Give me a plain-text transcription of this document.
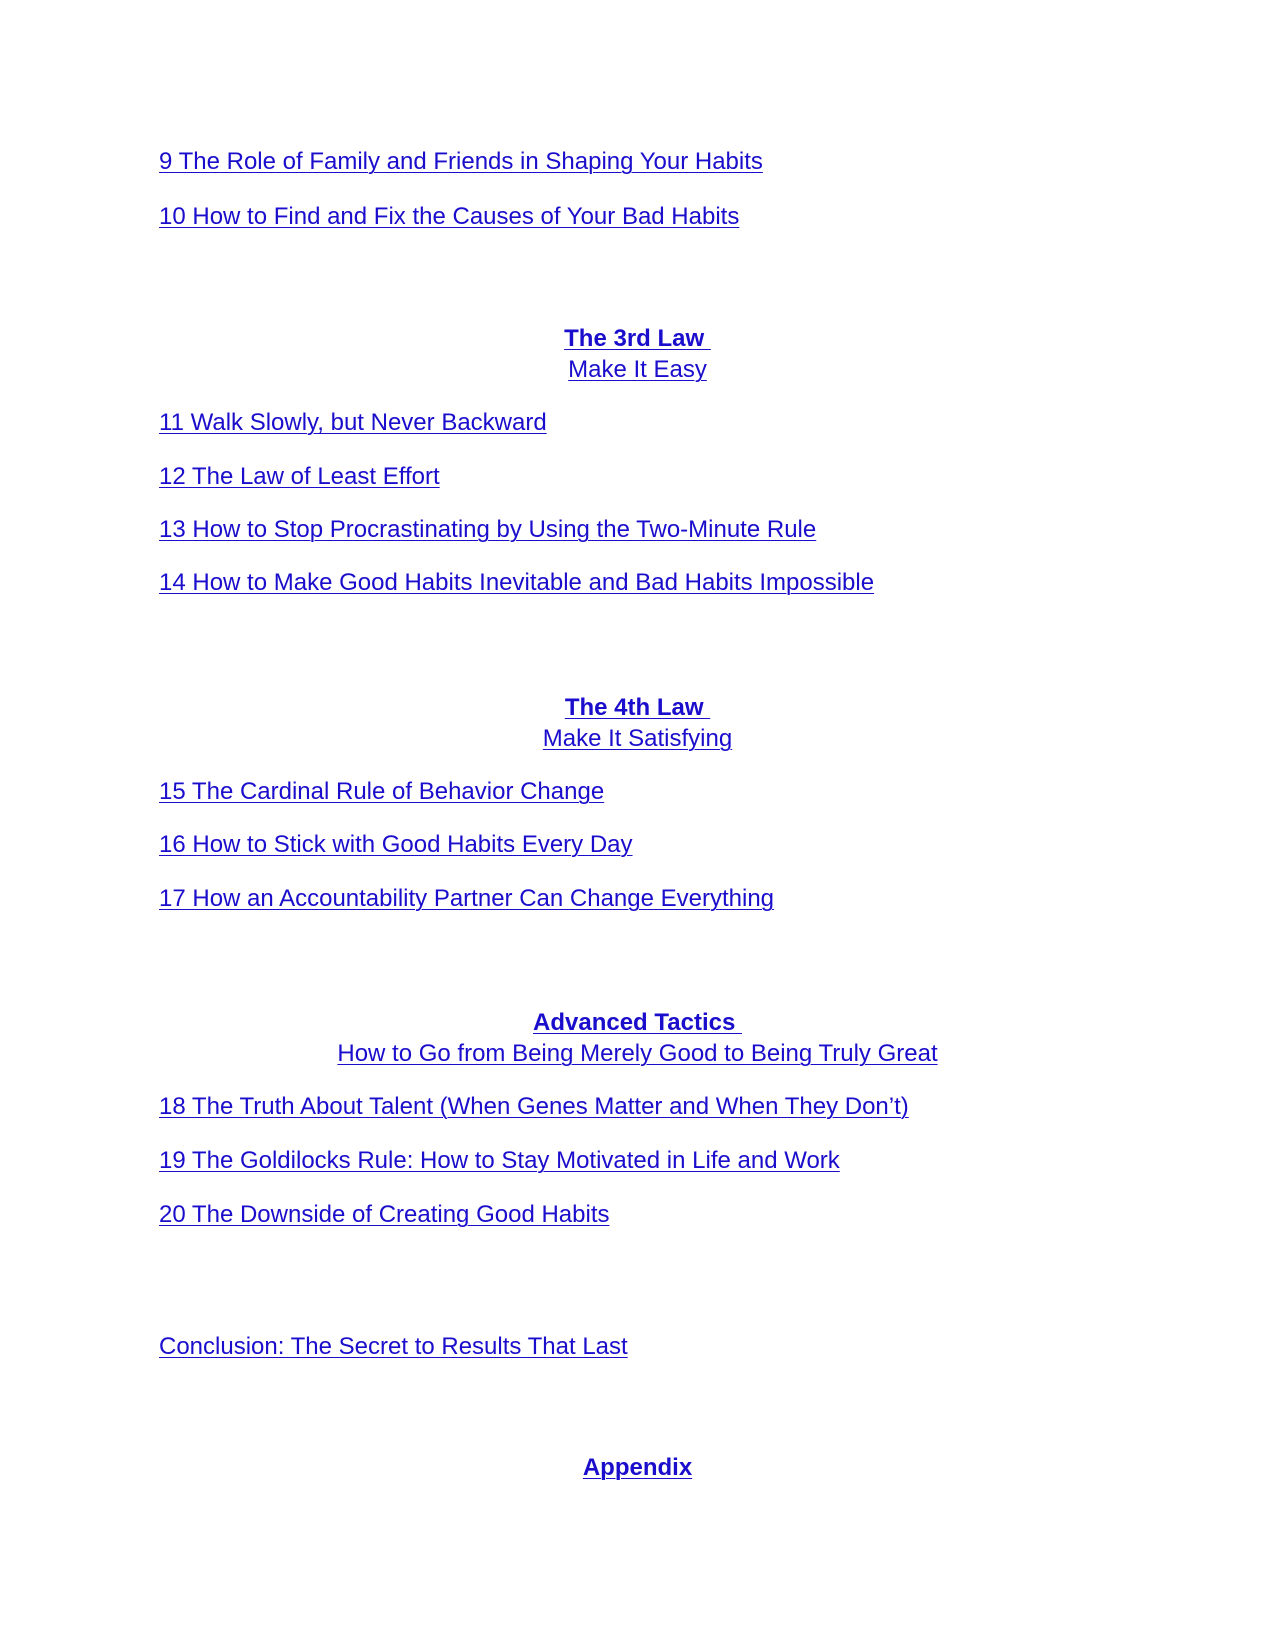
9 The Role of Family and Friends in Shaping Your Habits
10 How to Find and Fix the Causes of Your Bad Habits
The 3rd Law
Make It Easy
11 Walk Slowly, but Never Backward
12 The Law of Least Effort
13 How to Stop Procrastinating by Using the Two-Minute Rule
14 How to Make Good Habits Inevitable and Bad Habits Impossible
The 4th Law
Make It Satisfying
15 The Cardinal Rule of Behavior Change
16 How to Stick with Good Habits Every Day
17 How an Accountability Partner Can Change Everything
Advanced Tactics
How to Go from Being Merely Good to Being Truly Great
18 The Truth About Talent (When Genes Matter and When They Don’t)
19 The Goldilocks Rule: How to Stay Motivated in Life and Work
20 The Downside of Creating Good Habits
Conclusion: The Secret to Results That Last
Appendix
